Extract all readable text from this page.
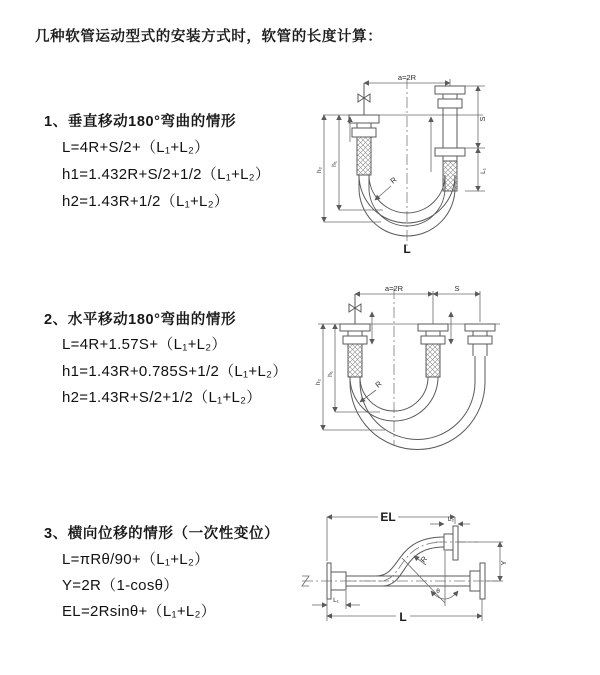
几种软管运动型式的安装方式时，软管的长度计算：
1、垂直移动180°弯曲的情形
L=4R+S/2+（L₁+L₂）
h1=1.432R+S/2+1/2（L₁+L₂）
h2=1.43R+1/2（L₁+L₂）
2、水平移动180°弯曲的情形
L=4R+1.57S+（L₁+L₂）
h1=1.43R+0.785S+1/2（L₁+L₂）
h2=1.43R+S/2+1/2（L₁+L₂）
3、横向位移的情形（一次性变位）
L=πRθ/90+（L₁+L₂）
Y=2R（1-cosθ）
EL=2Rsinθ+（L₁+L₂）
a=2R
R
S
L₁
h₂
h₁
L
a=2R	S
R
h₂
h₁
θ
R
EL	L₂
Y
L₁
L
